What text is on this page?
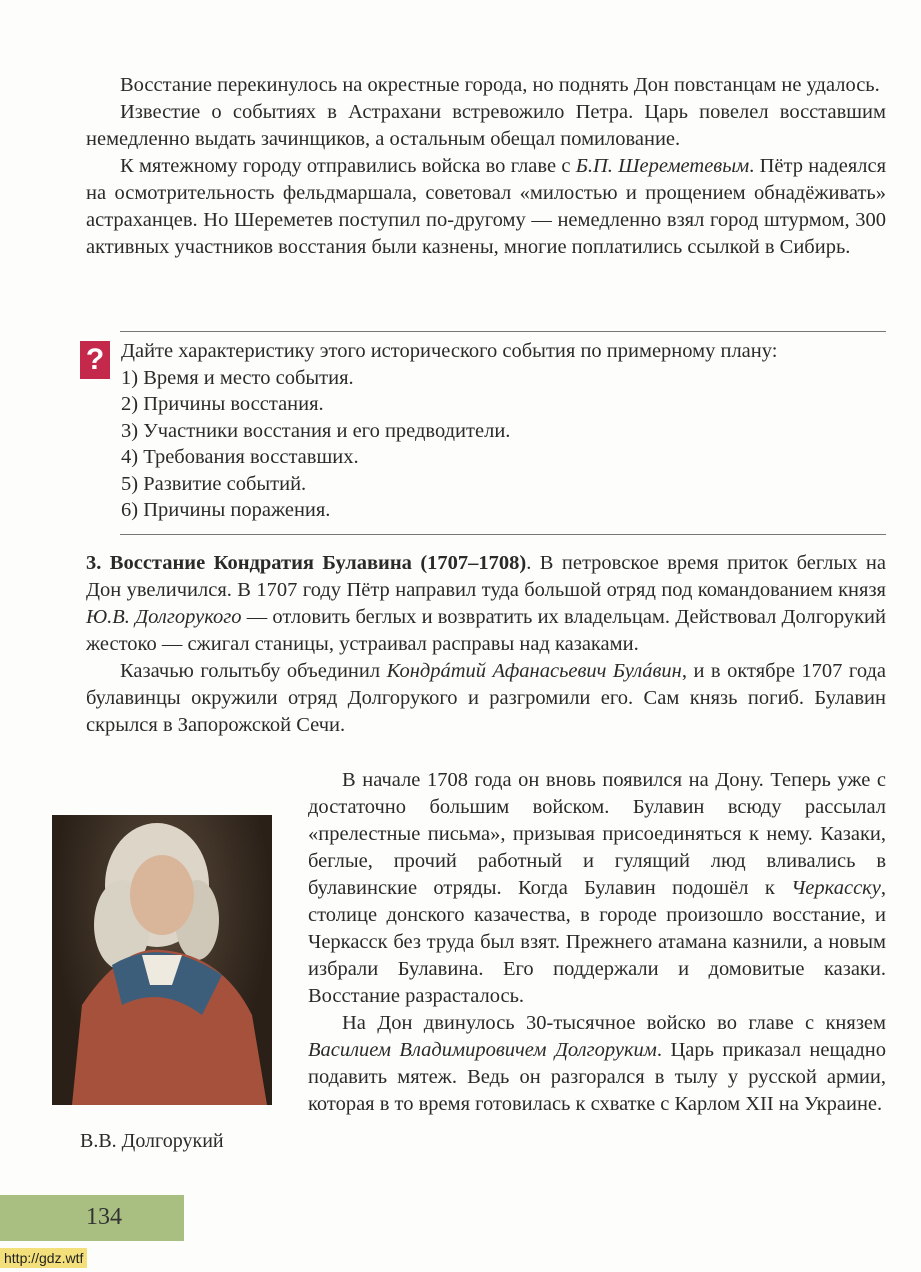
Восстание перекинулось на окрестные города, но поднять Дон повстанцам не удалось.

Известие о событиях в Астрахани встревожило Петра. Царь повелел восставшим немедленно выдать зачинщиков, а остальным обещал помилование.

К мятежному городу отправились войска во главе с Б.П. Шереметевым. Пётр надеялся на осмотрительность фельдмаршала, советовал «милостью и прощением обнадёживать» астраханцев. Но Шереметев поступил по-другому — немедленно взял город штурмом, 300 активных участников восстания были казнены, многие поплатились ссылкой в Сибирь.

? Дайте характеристику этого исторического события по примерному плану:
1) Время и место события.
2) Причины восстания.
3) Участники восстания и его предводители.
4) Требования восставших.
5) Развитие событий.
6) Причины поражения.

3. Восстание Кондратия Булавина (1707–1708). В петровское время приток беглых на Дон увеличился. В 1707 году Пётр направил туда большой отряд под командованием князя Ю.В. Долгорукого — отловить беглых и возвратить их владельцам. Действовал Долгорукий жестоко — сжигал станицы, устраивал расправы над казаками.

Казачью голытьбу объединил Кондрáтий Афанасьевич Булáвин, и в октябре 1707 года булавинцы окружили отряд Долгорукого и разгромили его. Сам князь погиб. Булавин скрылся в Запорожской Сечи.

В начале 1708 года он вновь появился на Дону. Теперь уже с достаточно большим войском. Булавин всюду рассылал «прелестные письма», призывая присоединяться к нему. Казаки, беглые, прочий работный и гулящий люд вливались в булавинские отряды. Когда Булавин подошёл к Черкасску, столице донского казачества, в городе произошло восстание, и Черкасск без труда был взят. Прежнего атамана казнили, а новым избрали Булавина. Его поддержали и домовитые казаки. Восстание разрасталось.

На Дон двинулось 30-тысячное войско во главе с князем Василием Владимировичем Долгоруким. Царь приказал нещадно подавить мятеж. Ведь он разгоралcя в тылу у русской армии, которая в то время готовилась к схватке с Карлом XII на Украине.

В.В. Долгорукий
134
http://gdz.wtf
